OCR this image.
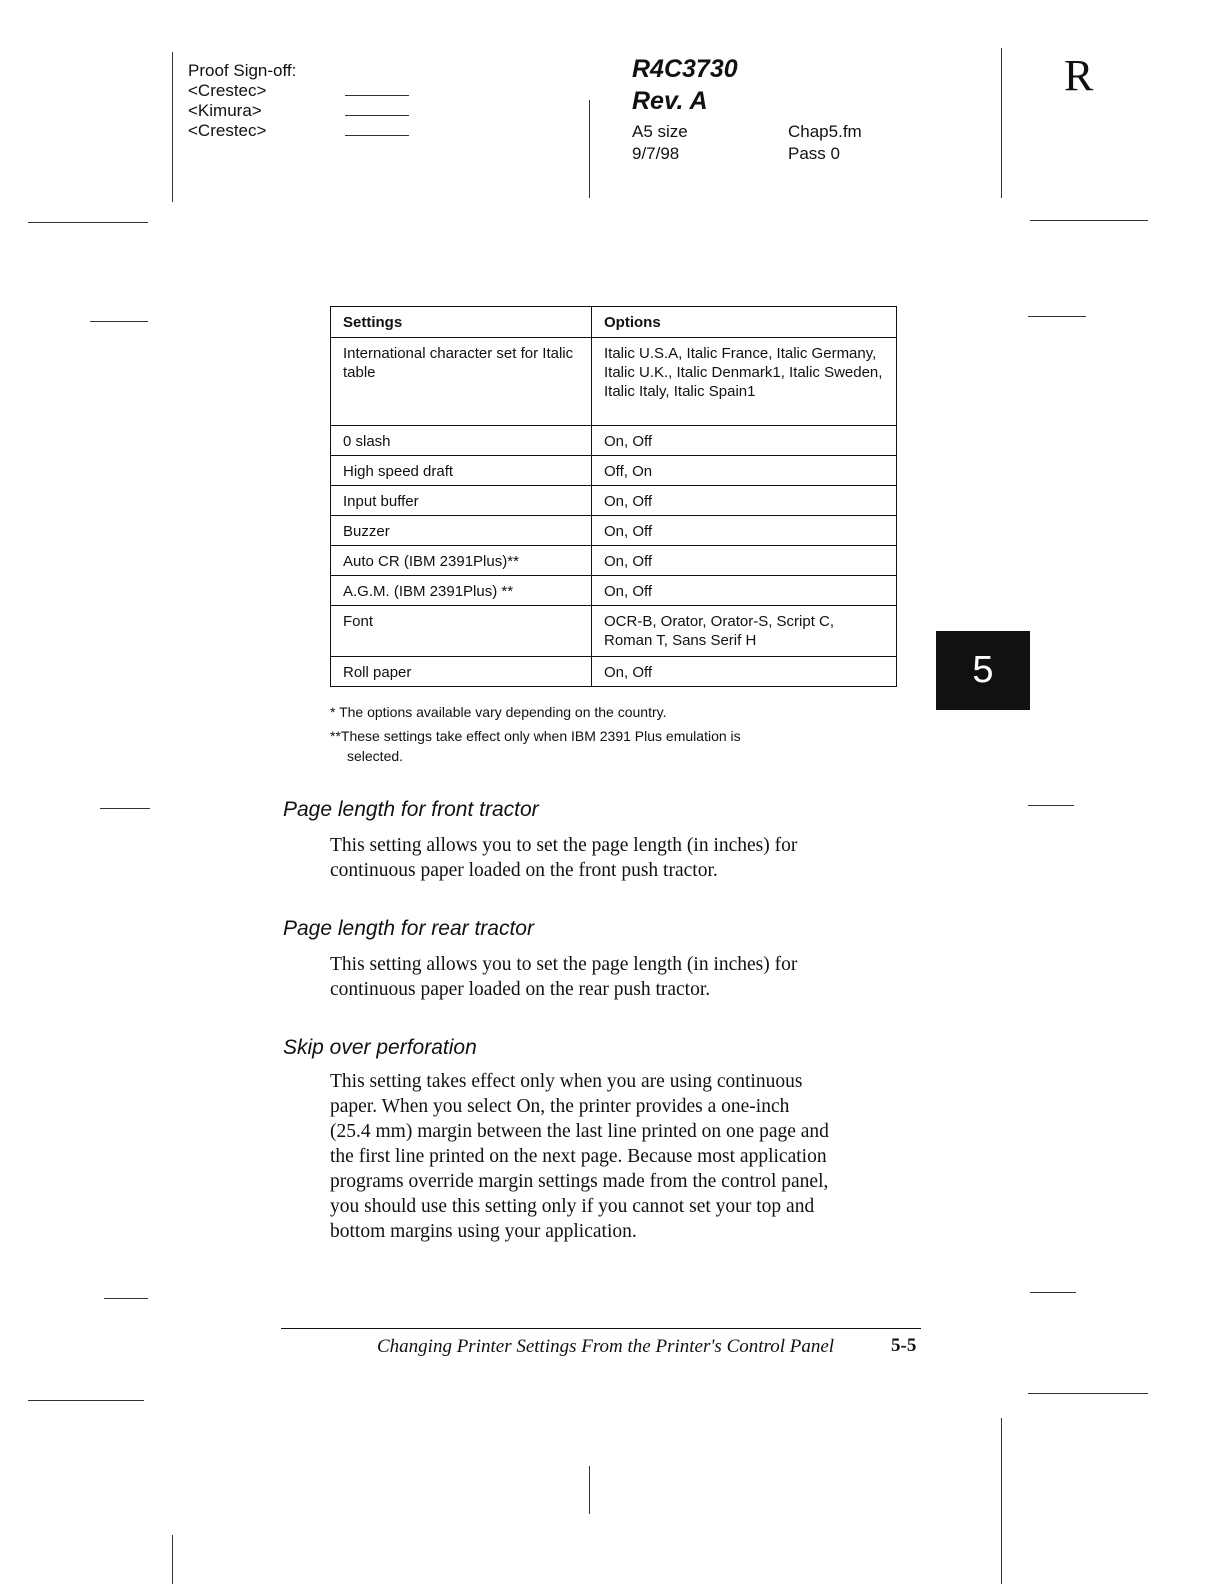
Proof Sign-off:
<Crestec>
<Kimura>
<Crestec>
R4C3730
Rev. A
A5 size
9/7/98
Chap5.fm
Pass 0
R
Settings	Options
International character set for Italic table	Italic U.S.A, Italic France, Italic Germany, Italic U.K., Italic Denmark1, Italic Sweden, Italic Italy, Italic Spain1
0 slash	On, Off
High speed draft	Off, On
Input buffer	On, Off
Buzzer	On, Off
Auto CR (IBM 2391Plus)**	On, Off
A.G.M. (IBM 2391Plus) **	On, Off
Font	OCR-B, Orator, Orator-S, Script C, Roman T, Sans Serif H
Roll paper	On, Off
* The options available vary depending on the country.
**These settings take effect only when IBM 2391 Plus emulation is
selected.
5
Page length for front tractor
This setting allows you to set the page length (in inches) for
continuous paper loaded on the front push tractor.
Page length for rear tractor
This setting allows you to set the page length (in inches) for
continuous paper loaded on the rear push tractor.
Skip over perforation
This setting takes effect only when you are using continuous
paper. When you select On, the printer provides a one-inch
(25.4 mm) margin between the last line printed on one page and
the first line printed on the next page. Because most application
programs override margin settings made from the control panel,
you should use this setting only if you cannot set your top and
bottom margins using your application.
Changing Printer Settings From the Printer's Control Panel	5-5
